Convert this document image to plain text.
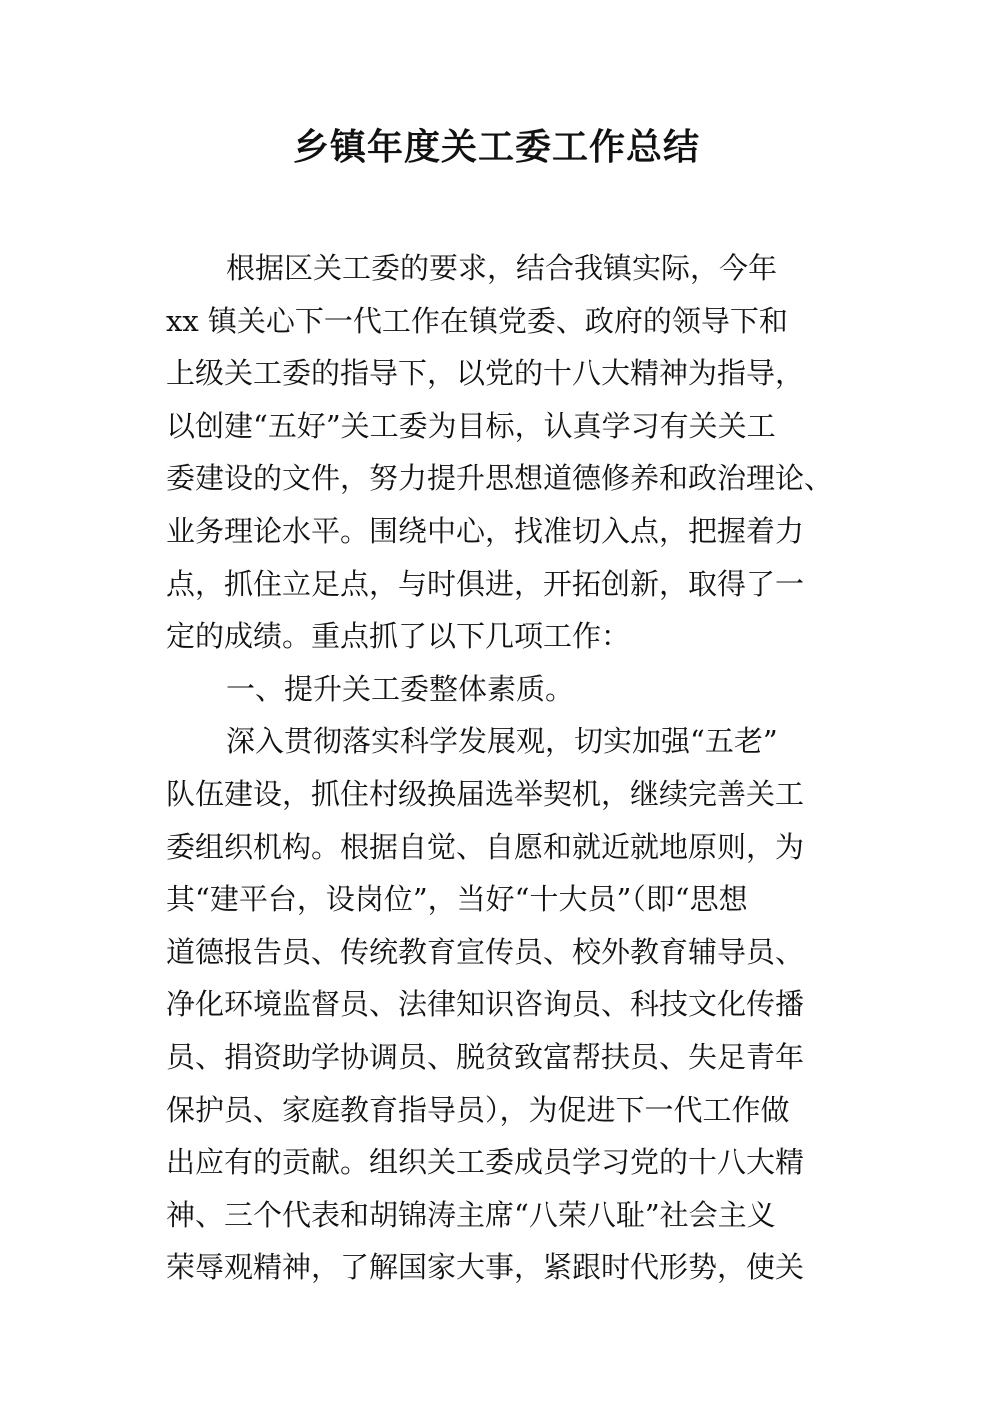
乡镇年度关工委工作总结
根据区关工委的要求，结合我镇实际，今年
xx 镇关心下一代工作在镇党委、政府的领导下和
上级关工委的指导下，以党的十八大精神为指导，
以创建“五好”关工委为目标，认真学习有关关工
委建设的文件，努力提升思想道德修养和政治理论、
业务理论水平。围绕中心，找准切入点，把握着力
点，抓住立足点，与时俱进，开拓创新，取得了一
定的成绩。重点抓了以下几项工作：
一、提升关工委整体素质。
深入贯彻落实科学发展观，切实加强“五老”
队伍建设，抓住村级换届选举契机，继续完善关工
委组织机构。根据自觉、自愿和就近就地原则，为
其“建平台，设岗位”，当好“十大员”（即“思想
道德报告员、传统教育宣传员、校外教育辅导员、
净化环境监督员、法律知识咨询员、科技文化传播
员、捐资助学协调员、脱贫致富帮扶员、失足青年
保护员、家庭教育指导员），为促进下一代工作做
出应有的贡献。组织关工委成员学习党的十八大精
神、三个代表和胡锦涛主席“八荣八耻”社会主义
荣辱观精神，了解国家大事，紧跟时代形势，使关
